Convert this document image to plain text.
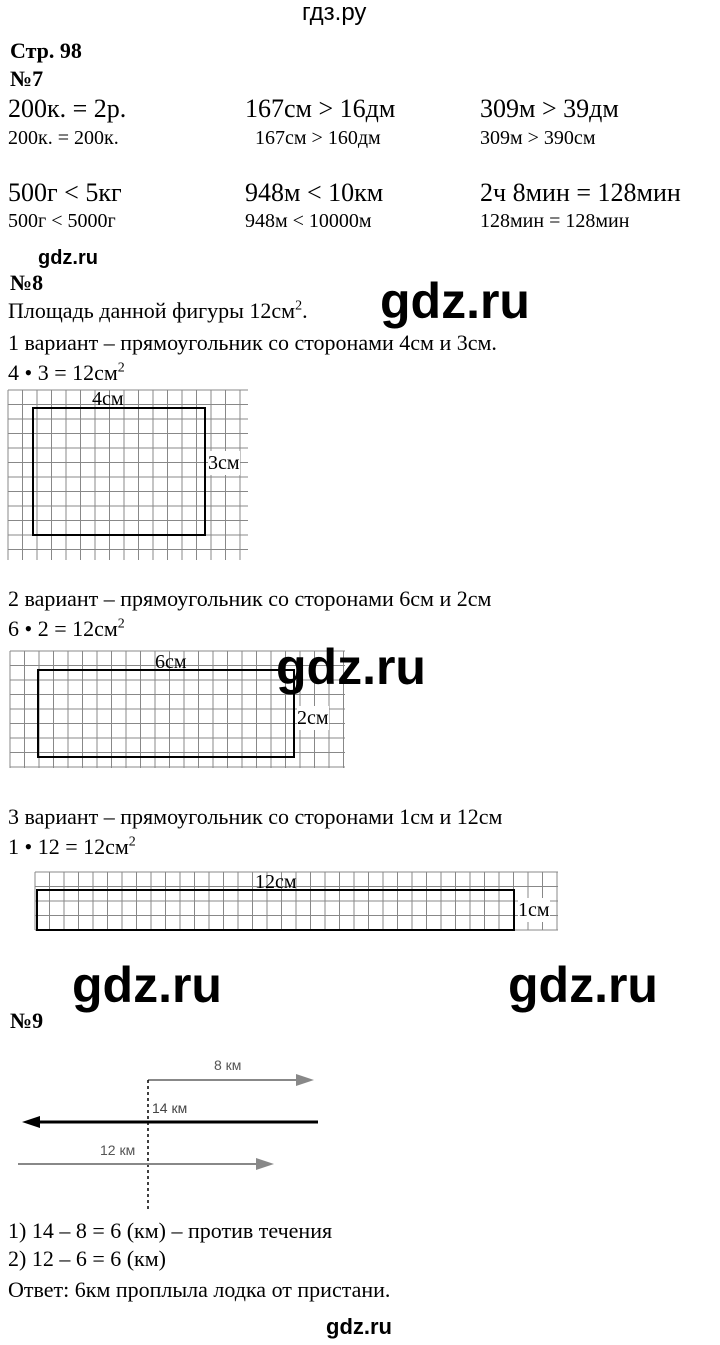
гдз.ру
Стр. 98
№7
200к. = 2р.	167см > 16дм	309м > 39дм
200к. = 200к.	167см > 160дм	309м > 390см
500г < 5кг	948м < 10км	2ч 8мин = 128мин
500г < 5000г	948м < 10000м	128мин = 128мин
gdz.ru
№8
Площадь данной фигуры $12см^2$. gdz.ru
1 вариант – прямоугольник со сторонами 4см и 3см.
4 • $3 = 12см^2$
4см
3см
2 вариант – прямоугольник со сторонами 6см и 2см
6 • $2 = 12см^2$
6см
2см
3 вариант – прямоугольник со сторонами 1см и 12см
1 • $12 = 12см^2$
12см
1см
gdz.ru
gdz.ru	gdz.ru
№9
8 км
14 км
12 км
1) 14 – 8 = 6 (км) – против течения
2) 12 – 6 = 6 (км)
Ответ: 6км проплыла лодка от пристани.
gdz.ru
